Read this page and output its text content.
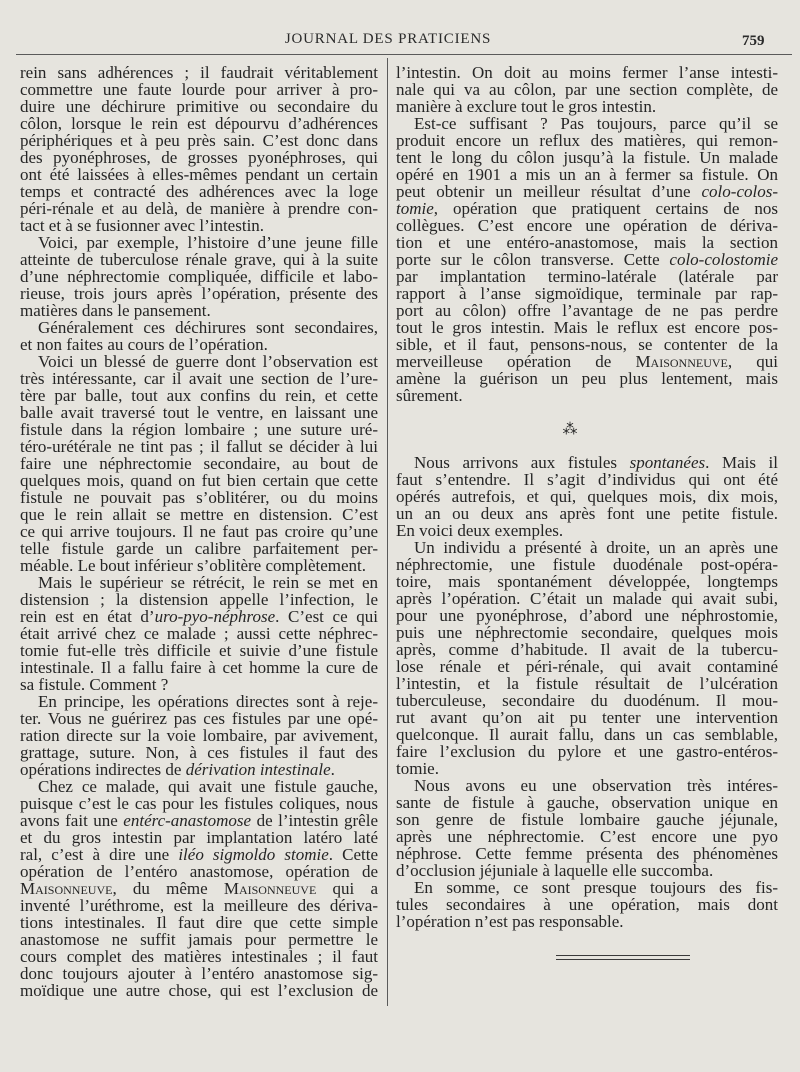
JOURNAL DES PRATICIENS	759
rein sans adhérences ; il faudrait véritablement
commettre une faute lourde pour arriver à pro-
duire une déchirure primitive ou secondaire du
côlon, lorsque le rein est dépourvu d’adhérences
périphériques et à peu près sain. C’est donc dans
des pyonéphroses, de grosses pyonéphroses, qui
ont été laissées à elles-mêmes pendant un certain
temps et contracté des adhérences avec la loge
péri-rénale et au delà, de manière à prendre con-
tact et à se fusionner avec l’intestin.
Voici, par exemple, l’histoire d’une jeune fille
atteinte de tuberculose rénale grave, qui à la suite
d’une néphrectomie compliquée, difficile et labo-
rieuse, trois jours après l’opération, présente des
matières dans le pansement.
Généralement ces déchirures sont secondaires,
et non faites au cours de l’opération.
Voici un blessé de guerre dont l’observation est
très intéressante, car il avait une section de l’ure-
tère par balle, tout aux confins du rein, et cette
balle avait traversé tout le ventre, en laissant une
fistule dans la région lombaire ; une suture uré-
téro-urétérale ne tint pas ; il fallut se décider à lui
faire une néphrectomie secondaire, au bout de
quelques mois, quand on fut bien certain que cette
fistule ne pouvait pas s’oblitérer, ou du moins
que le rein allait se mettre en distension. C’est
ce qui arrive toujours. Il ne faut pas croire qu’une
telle fistule garde un calibre parfaitement per-
méable. Le bout inférieur s’oblitère complètement.
Mais le supérieur se rétrécit, le rein se met en
distension ; la distension appelle l’infection, le
rein est en état d’uro-pyo-néphrose. C’est ce qui
était arrivé chez ce malade ; aussi cette néphrec-
tomie fut-elle très difficile et suivie d’une fistule
intestinale. Il a fallu faire à cet homme la cure de
sa fistule. Comment ?
En principe, les opérations directes sont à reje-
ter. Vous ne guérirez pas ces fistules par une opé-
ration directe sur la voie lombaire, par avivement,
grattage, suture. Non, à ces fistules il faut des
opérations indirectes de dérivation intestinale.
Chez ce malade, qui avait une fistule gauche,
puisque c’est le cas pour les fistules coliques, nous
avons fait une entérc-anastomose de l’intestin grêle
et du gros intestin par implantation latéro laté
ral, c’est à dire une iléo sigmoldo stomie. Cette
opération de l’entéro anastomose, opération de
Maisonneuve, du même Maisonneuve qui a
inventé l’uréthrome, est la meilleure des dériva-
tions intestinales. Il faut dire que cette simple
anastomose ne suffit jamais pour permettre le
cours complet des matières intestinales ; il faut
donc toujours ajouter à l’entéro anastomose sig-
moïdique une autre chose, qui est l’exclusion de
l’intestin. On doit au moins fermer l’anse intesti-
nale qui va au côlon, par une section complète, de
manière à exclure tout le gros intestin.
Est-ce suffisant ? Pas toujours, parce qu’il se
produit encore un reflux des matières, qui remon-
tent le long du côlon jusqu’à la fistule. Un malade
opéré en 1901 a mis un an à fermer sa fistule. On
peut obtenir un meilleur résultat d’une colo-colos-
tomie, opération que pratiquent certains de nos
collègues. C’est encore une opération de dériva-
tion et une entéro-anastomose, mais la section
porte sur le côlon transverse. Cette colo-colostomie
par implantation termino-latérale (latérale par
rapport à l’anse sigmoïdique, terminale par rap-
port au côlon) offre l’avantage de ne pas perdre
tout le gros intestin. Mais le reflux est encore pos-
sible, et il faut, pensons-nous, se contenter de la
merveilleuse opération de Maisonneuve, qui
amène la guérison un peu plus lentement, mais
sûrement.
⁂
Nous arrivons aux fistules spontanées. Mais il
faut s’entendre. Il s’agit d’individus qui ont été
opérés autrefois, et qui, quelques mois, dix mois,
un an ou deux ans après font une petite fistule.
En voici deux exemples.
Un individu a présenté à droite, un an après une
néphrectomie, une fistule duodénale post-opéra-
toire, mais spontanément développée, longtemps
après l’opération. C’était un malade qui avait subi,
pour une pyonéphrose, d’abord une néphrostomie,
puis une néphrectomie secondaire, quelques mois
après, comme d’habitude. Il avait de la tubercu-
lose rénale et péri-rénale, qui avait contaminé
l’intestin, et la fistule résultait de l’ulcération
tuberculeuse, secondaire du duodénum. Il mou-
rut avant qu’on ait pu tenter une intervention
quelconque. Il aurait fallu, dans un cas semblable,
faire l’exclusion du pylore et une gastro-entéros-
tomie.
Nous avons eu une observation très intéres-
sante de fistule à gauche, observation unique en
son genre de fistule lombaire gauche jéjunale,
après une néphrectomie. C’est encore une pyo
néphrose. Cette femme présenta des phénomènes
d’occlusion jéjuniale à laquelle elle succomba.
En somme, ce sont presque toujours des fis-
tules secondaires à une opération, mais dont
l’opération n’est pas responsable.
